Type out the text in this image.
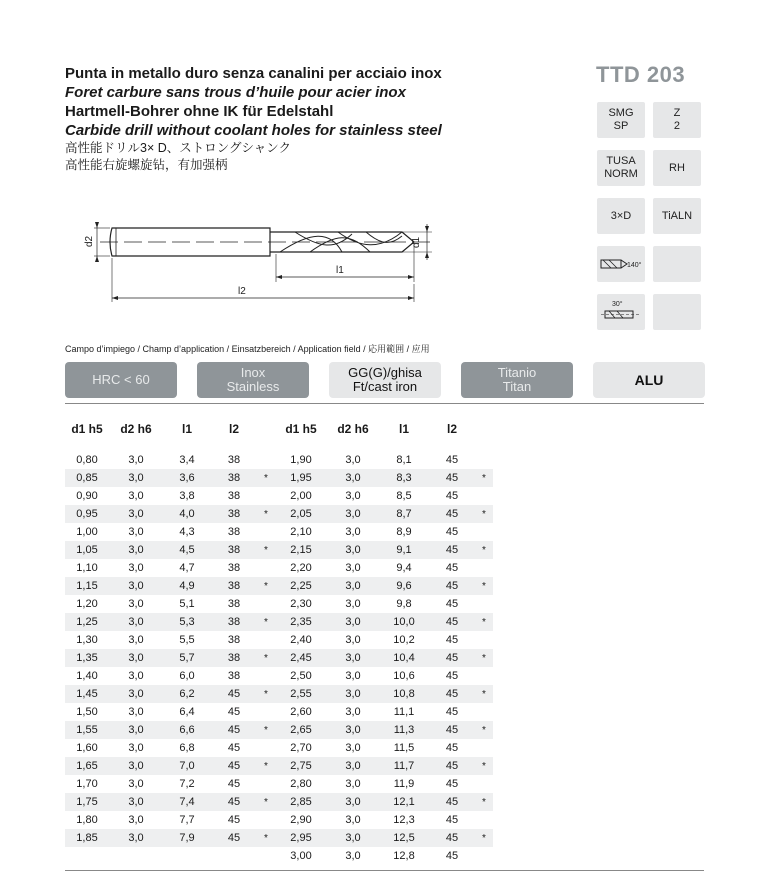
Punta in metallo duro senza canalini per acciaio inox
Foret carbure sans trous d’huile pour acier inox
Hartmell-Bohrer ohne IK für Edelstahl
Carbide drill without coolant holes for stainless steel
高性能ドリル3× D、ストロングシャンク
高性能右旋螺旋钻，有加强柄
TTD 203
SMG
SP
Z
2
TUSA
NORM
RH
3×D	TiALN
140°
30°
d2	d1
l1
l2
Campo d’impiego / Champ d’application / Einsatzbereich / Application field / 応用範囲 / 应用
HRC < 60	Inox
Stainless
GG(G)/ghisa
Ft/cast iron
Titanio
Titan	ALU
d1 h5	d2 h6	l1	l2		d1 h5	d2 h6	l1	l2	

0,80	3,0	3,4	38		1,90	3,0	8,1	45	
0,85	3,0	3,6	38	*	1,95	3,0	8,3	45	*
0,90	3,0	3,8	38		2,00	3,0	8,5	45	
0,95	3,0	4,0	38	*	2,05	3,0	8,7	45	*
1,00	3,0	4,3	38		2,10	3,0	8,9	45	
1,05	3,0	4,5	38	*	2,15	3,0	9,1	45	*
1,10	3,0	4,7	38		2,20	3,0	9,4	45	
1,15	3,0	4,9	38	*	2,25	3,0	9,6	45	*
1,20	3,0	5,1	38		2,30	3,0	9,8	45	
1,25	3,0	5,3	38	*	2,35	3,0	10,0	45	*
1,30	3,0	5,5	38		2,40	3,0	10,2	45	
1,35	3,0	5,7	38	*	2,45	3,0	10,4	45	*
1,40	3,0	6,0	38		2,50	3,0	10,6	45	
1,45	3,0	6,2	45	*	2,55	3,0	10,8	45	*
1,50	3,0	6,4	45		2,60	3,0	11,1	45	
1,55	3,0	6,6	45	*	2,65	3,0	11,3	45	*
1,60	3,0	6,8	45		2,70	3,0	11,5	45	
1,65	3,0	7,0	45	*	2,75	3,0	11,7	45	*
1,70	3,0	7,2	45		2,80	3,0	11,9	45	
1,75	3,0	7,4	45	*	2,85	3,0	12,1	45	*
1,80	3,0	7,7	45		2,90	3,0	12,3	45	
1,85	3,0	7,9	45	*	2,95	3,0	12,5	45	*
					3,00	3,0	12,8	45	
